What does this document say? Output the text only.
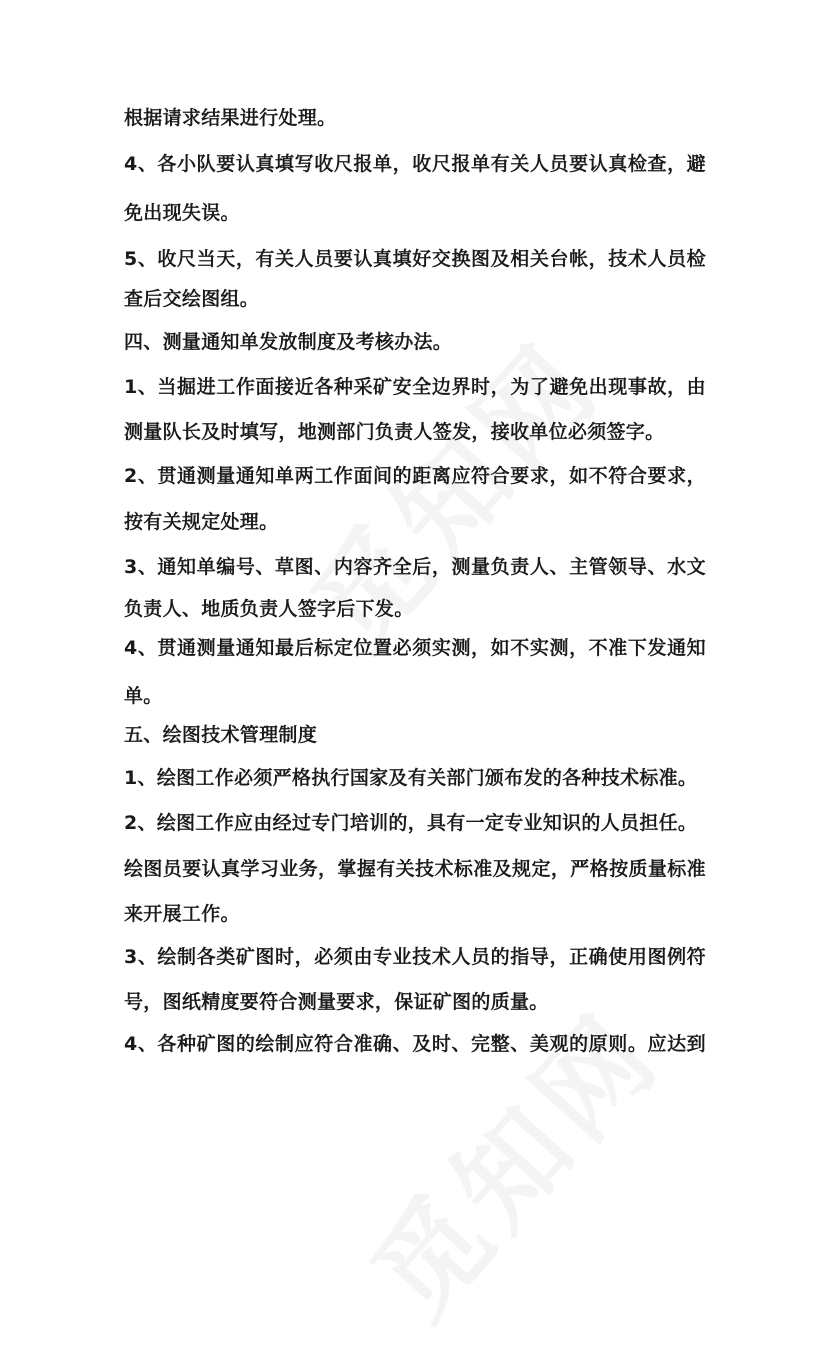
根据请求结果进行处理。
4、各小队要认真填写收尺报单，收尺报单有关人员要认真检查，避
免出现失误。
5、收尺当天，有关人员要认真填好交换图及相关台帐，技术人员检
查后交绘图组。
四、测量通知单发放制度及考核办法。
1、当掘进工作面接近各种采矿安全边界时，为了避免出现事故，由
测量队长及时填写，地测部门负责人签发，接收单位必须签字。
2、贯通测量通知单两工作面间的距离应符合要求，如不符合要求，
按有关规定处理。
3、通知单编号、草图、内容齐全后，测量负责人、主管领导、水文
负责人、地质负责人签字后下发。
4、贯通测量通知最后标定位置必须实测，如不实测，不准下发通知
单。
五、绘图技术管理制度
1、绘图工作必须严格执行国家及有关部门颁布发的各种技术标准。
2、绘图工作应由经过专门培训的，具有一定专业知识的人员担任。
绘图员要认真学习业务，掌握有关技术标准及规定，严格按质量标准
来开展工作。
3、绘制各类矿图时，必须由专业技术人员的指导，正确使用图例符
号，图纸精度要符合测量要求，保证矿图的质量。
4、各种矿图的绘制应符合准确、及时、完整、美观的原则。应达到
